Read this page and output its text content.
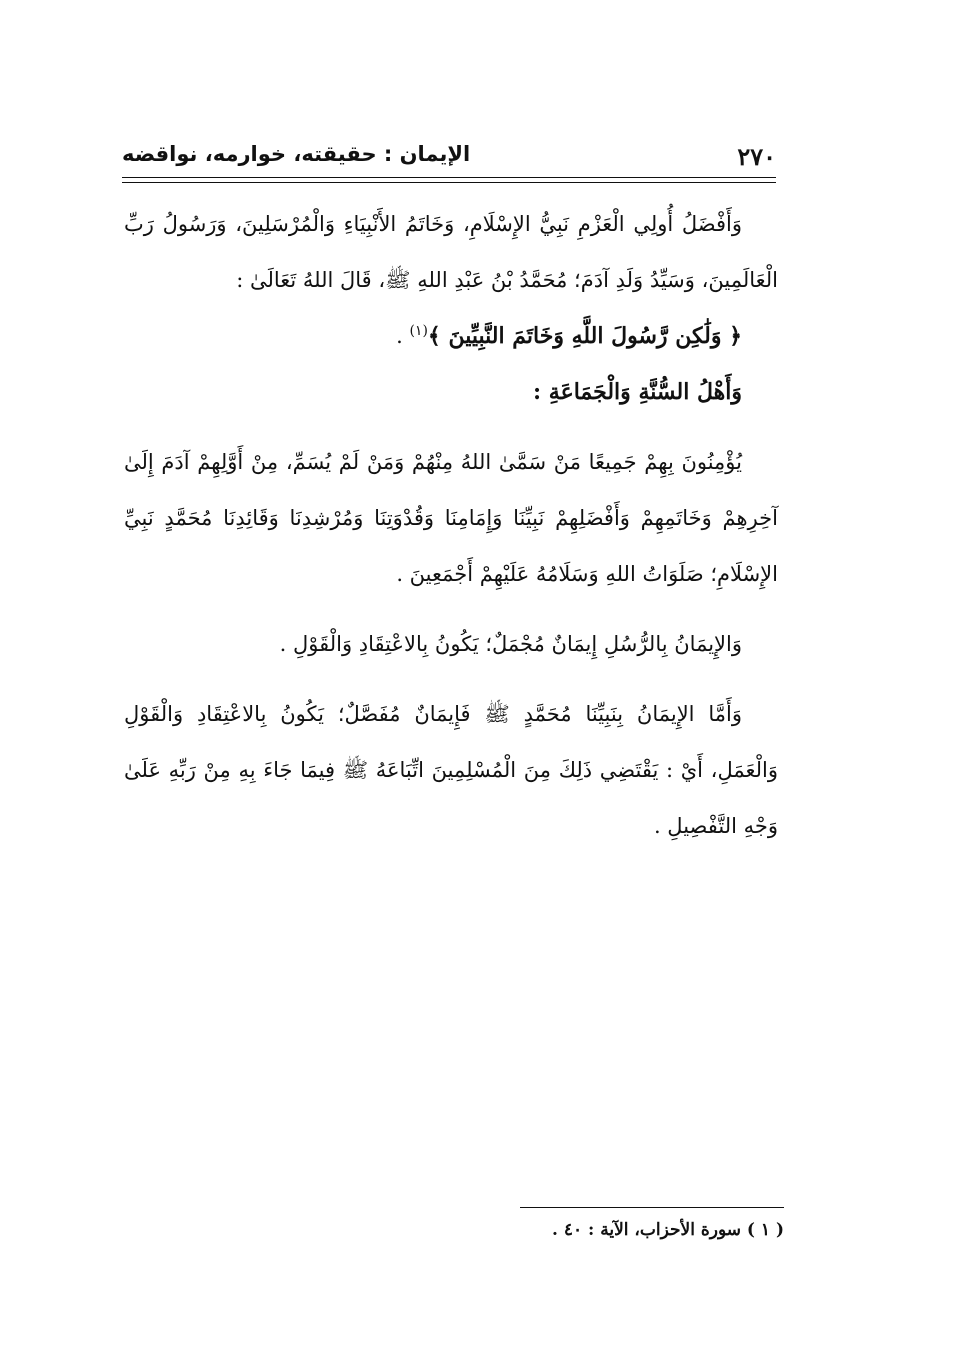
٢٧٠
الإيمان : حقيقته، خوارمه، نواقضه

وَأَفْضَلُ أُولِي الْعَزْمِ نَبِيُّ الإِسْلَامِ، وَخَاتَمُ الأَنْبِيَاءِ وَالْمُرْسَلِينَ، وَرَسُولُ رَبِّ الْعَالَمِينَ، وَسَيِّدُ وَلَدِ آدَمَ؛ مُحَمَّدُ بْنُ عَبْدِ اللهِ ﷺ، قَالَ اللهُ تَعَالَىٰ :

﴿ وَلَٰكِن رَّسُولَ اللَّهِ وَخَاتَمَ النَّبِيِّينَ ﴾$^{(١)}$ .

وَأَهْلُ السُّنَّةِ وَالْجَمَاعَةِ :

يُؤْمِنُونَ بِهِمْ جَمِيعًا مَنْ سَمَّىٰ اللهُ مِنْهُمْ وَمَنْ لَمْ يُسَمِّ، مِنْ أَوَّلِهِمْ آدَمَ إِلَىٰ آخِرِهِمْ وَخَاتَمِهِمْ وَأَفْضَلِهِمْ نَبِيِّنَا وَإِمَامِنَا وَقُدْوَتِنَا وَمُرْشِدِنَا وَقَائِدِنَا مُحَمَّدٍ نَبِيِّ الإِسْلَامِ؛ صَلَوَاتُ اللهِ وَسَلَامُهُ عَلَيْهِمْ أَجْمَعِينَ .

وَالإِيمَانُ بِالرُّسُلِ إِيمَانٌ مُجْمَلٌ؛ يَكُونُ بِالاعْتِقَادِ وَالْقَوْلِ .

وَأَمَّا الإِيمَانُ بِنَبِيِّنَا مُحَمَّدٍ ﷺ فَإِيمَانٌ مُفَصَّلٌ؛ يَكُونُ بِالاعْتِقَادِ وَالْقَوْلِ وَالْعَمَلِ، أَيْ : يَقْتَضِي ذَلِكَ مِنَ الْمُسْلِمِينَ اتِّبَاعَهُ ﷺ فِيمَا جَاءَ بِهِ مِنْ رَبِّهِ عَلَىٰ وَجْهِ التَّفْصِيلِ .

( ١ ) سورة الأحزاب، الآية : ٤٠ .
